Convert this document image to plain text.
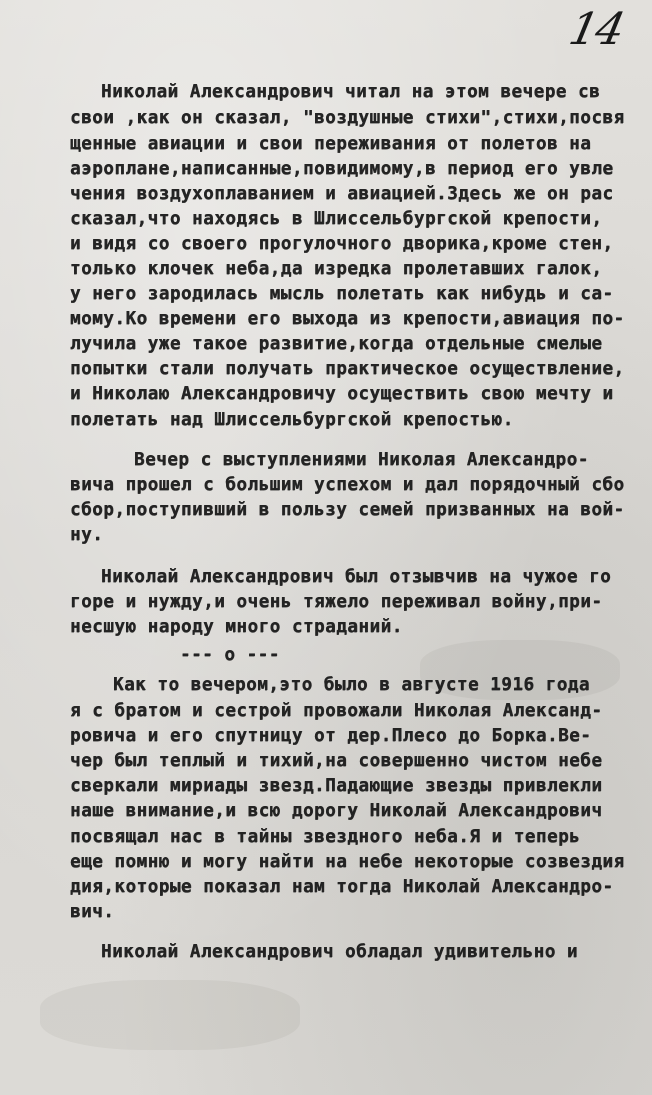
14
Николай Александрович читал на этом вечере св
свои ,как он сказал, "воздушные стихи",стихи,посвя
щенные авиации и свои переживания от полетов на
аэроплане,написанные,повидимому,в период его увле
чения воздухоплаванием и авиацией.Здесь же он рас
сказал,что находясь в Шлиссельбургской крепости,
и видя со своего прогулочного дворика,кроме стен,
только клочек неба,да изредка пролетавших галок,
у него зародилась мысль полетать как нибудь и са-
мому.Ко времени его выхода из крепости,авиация по-
лучила уже такое развитие,когда отдельные смелые
попытки стали получать практическое осуществление,
и Николаю Александровичу осуществить свою мечту и
полетать над Шлиссельбургской крепостью.
Вечер с выступлениями Николая Александро-
вича прошел с большим успехом и дал порядочный сбо
сбор,поступивший в пользу семей призванных на вой-
ну.
Николай Александрович был отзывчив на чужое го
горе и нужду,и очень тяжело переживал войну,при-
несшую народу много страданий.
--- о ---
Как то вечером,это было в августе 1916 года
я с братом и сестрой провожали Николая Александ-
ровича и его спутницу от дер.Плесо до Борка.Ве-
чер был теплый и тихий,на совершенно чистом небе
сверкали мириады звезд.Падающие звезды привлекли
наше внимание,и всю дорогу Николай Александрович
посвящал нас в тайны звездного неба.Я и теперь
еще помню и могу найти на небе некоторые созвездия
дия,которые показал нам тогда Николай Александро-
вич.
Николай Александрович обладал удивительно и
